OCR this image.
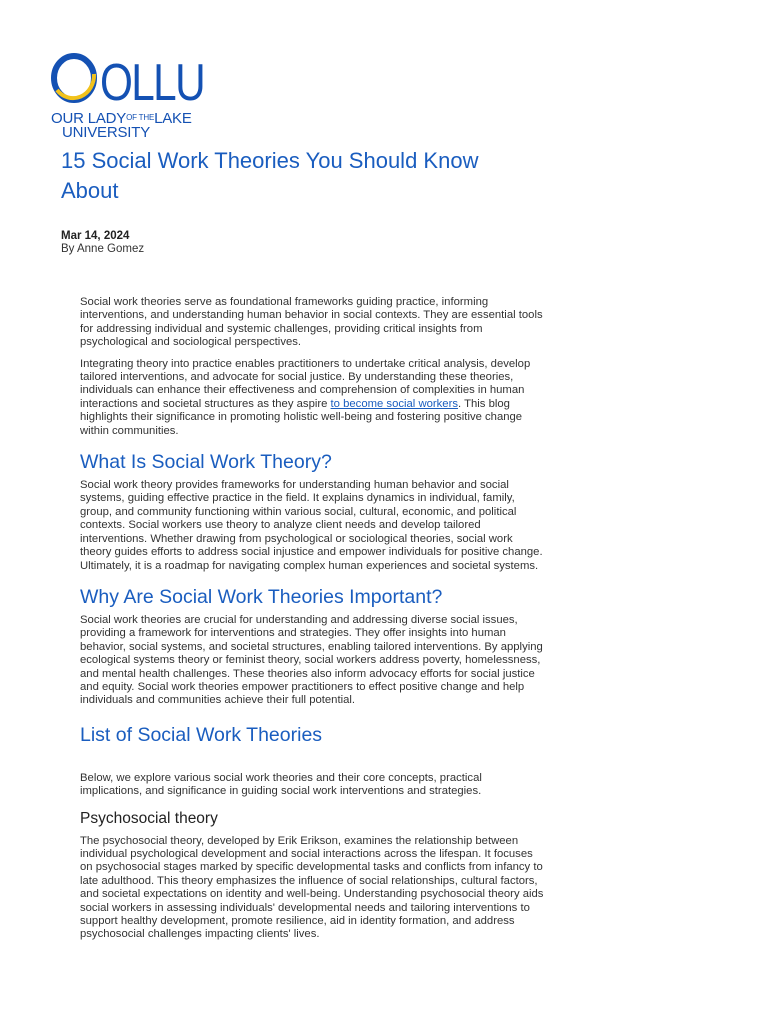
OLLU
OUR $LADY^{OF THE}LAKE$
UNIVERSITY
15 Social Work Theories You Should Know About
Mar 14, 2024
By Anne Gomez

Social work theories serve as foundational frameworks guiding practice, informing interventions, and understanding human behavior in social contexts. They are essential tools for addressing individual and systemic challenges, providing critical insights from psychological and sociological perspectives.

Integrating theory into practice enables practitioners to undertake critical analysis, develop tailored interventions, and advocate for social justice. By understanding these theories, individuals can enhance their effectiveness and comprehension of complexities in human interactions and societal structures as they aspire to become social workers. This blog highlights their significance in promoting holistic well-being and fostering positive change within communities.

What Is Social Work Theory?

Social work theory provides frameworks for understanding human behavior and social systems, guiding effective practice in the field. It explains dynamics in individual, family, group, and community functioning within various social, cultural, economic, and political contexts. Social workers use theory to analyze client needs and develop tailored interventions. Whether drawing from psychological or sociological theories, social work theory guides efforts to address social injustice and empower individuals for positive change. Ultimately, it is a roadmap for navigating complex human experiences and societal systems.

Why Are Social Work Theories Important?

Social work theories are crucial for understanding and addressing diverse social issues, providing a framework for interventions and strategies. They offer insights into human behavior, social systems, and societal structures, enabling tailored interventions. By applying ecological systems theory or feminist theory, social workers address poverty, homelessness, and mental health challenges. These theories also inform advocacy efforts for social justice and equity. Social work theories empower practitioners to effect positive change and help individuals and communities achieve their full potential.

List of Social Work Theories

Below, we explore various social work theories and their core concepts, practical implications, and significance in guiding social work interventions and strategies.

Psychosocial theory

The psychosocial theory, developed by Erik Erikson, examines the relationship between individual psychological development and social interactions across the lifespan. It focuses on psychosocial stages marked by specific developmental tasks and conflicts from infancy to late adulthood. This theory emphasizes the influence of social relationships, cultural factors, and societal expectations on identity and well-being. Understanding psychosocial theory aids social workers in assessing individuals' developmental needs and tailoring interventions to support healthy development, promote resilience, aid in identity formation, and address psychosocial challenges impacting clients' lives.
